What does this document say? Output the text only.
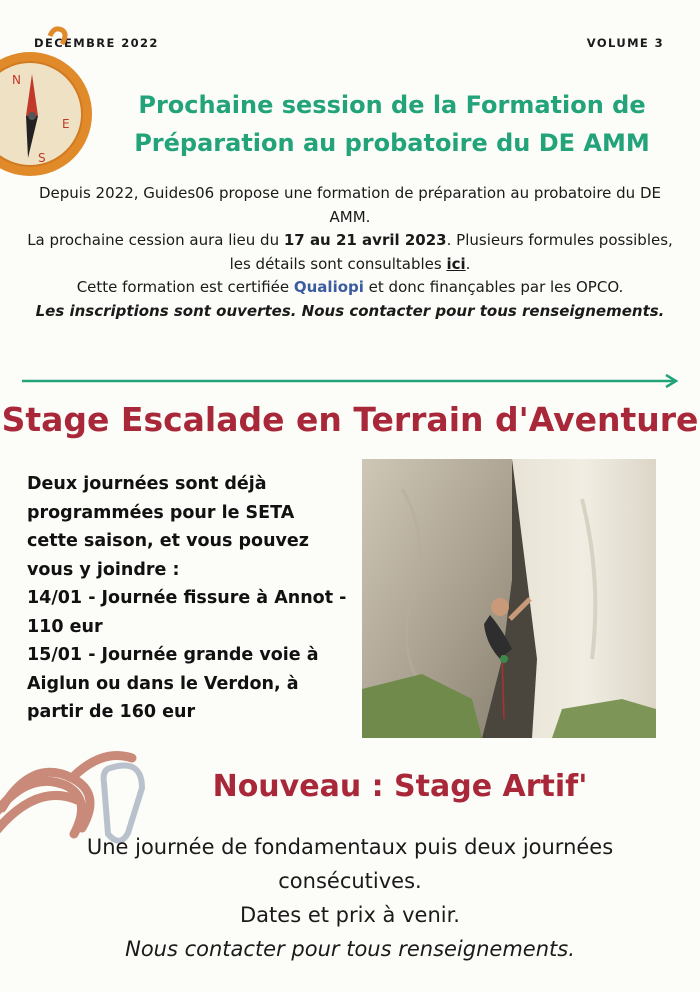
DECEMBRE 2022	VOLUME 3
N
E
S
Prochaine session de la Formation de
Préparation au probatoire du DE AMM
Depuis 2022, Guides06 propose une formation de préparation au probatoire du DE AMM.
La prochaine cession aura lieu du 17 au 21 avril 2023. Plusieurs formules possibles, les détails sont consultables ici.
Cette formation est certifiée Qualiopi et donc finançables par les OPCO.
Les inscriptions sont ouvertes. Nous contacter pour tous renseignements.
Stage Escalade en Terrain d'Aventure
Deux journées sont déjà programmées pour le SETA cette saison, et vous pouvez vous y joindre :
14/01 - Journée fissure à Annot - 110 eur
15/01 - Journée grande voie à Aiglun ou dans le Verdon, à partir de 160 eur
Nouveau : Stage Artif'
Une journée de fondamentaux puis deux journées consécutives.
Dates et prix à venir.
Nous contacter pour tous renseignements.
